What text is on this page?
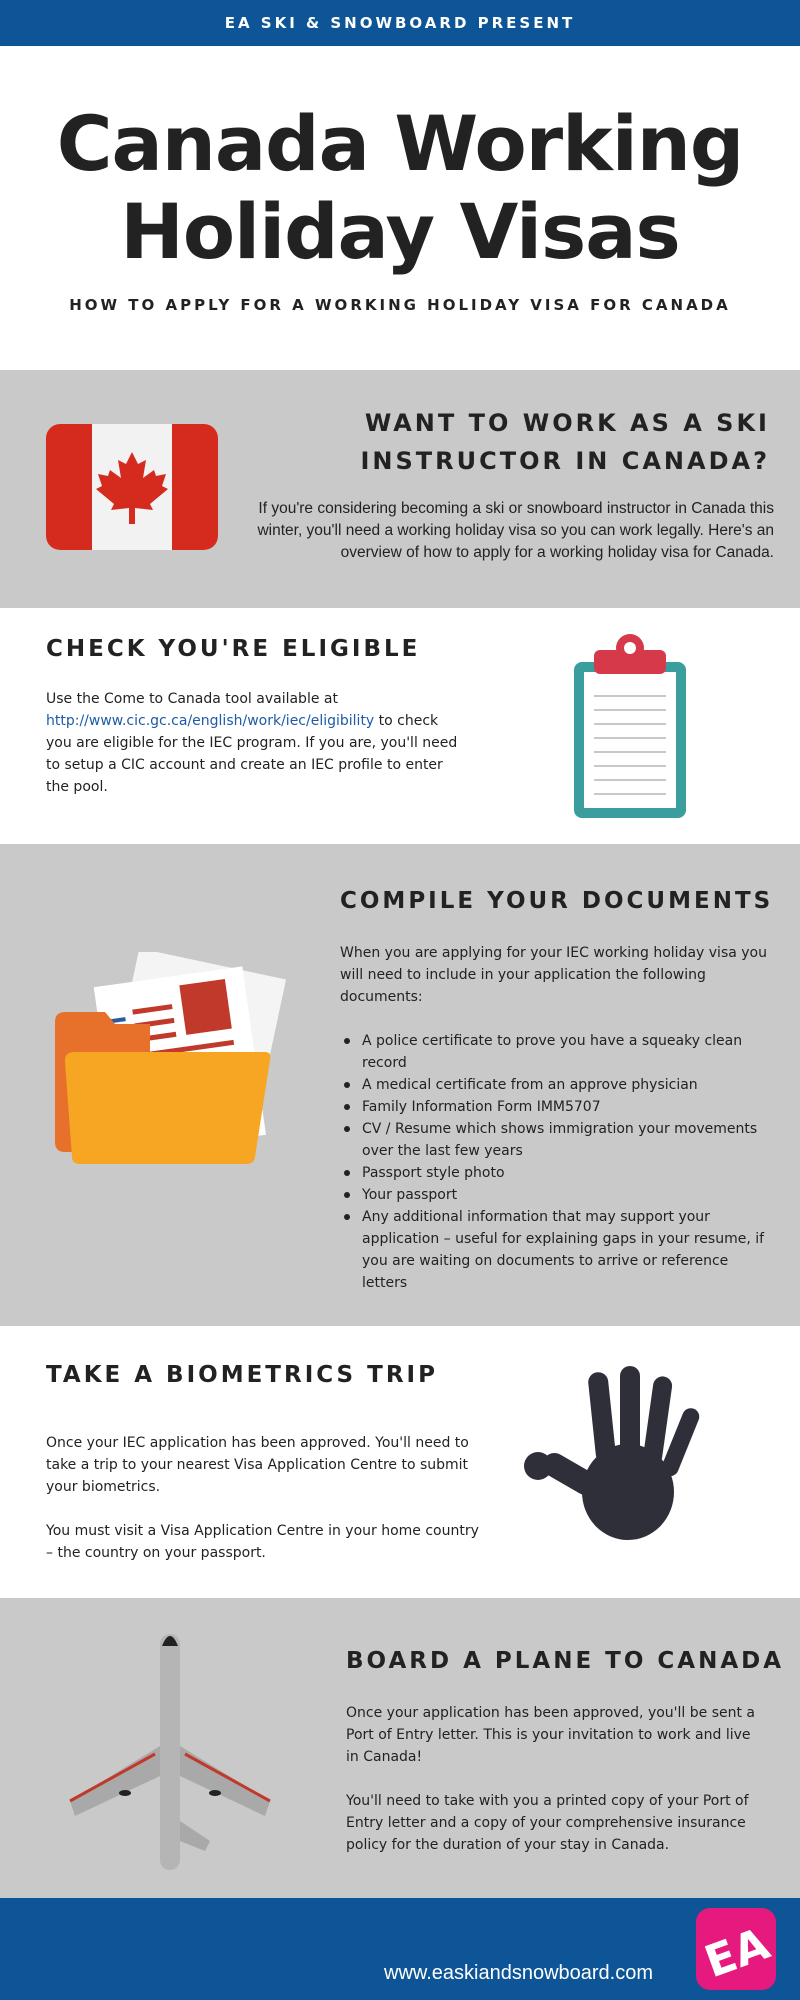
EA SKI & SNOWBOARD PRESENT
Canada Working
Holiday Visas
HOW TO APPLY FOR A WORKING HOLIDAY VISA FOR CANADA
WANT TO WORK AS A SKI
INSTRUCTOR IN CANADA?
If you're considering becoming a ski or snowboard instructor in Canada this winter, you'll need a working holiday visa so you can work legally. Here's an overview of how to apply for a working holiday visa for Canada.
CHECK YOU'RE ELIGIBLE
Use the Come to Canada tool available at http://www.cic.gc.ca/english/work/iec/eligibility to check you are eligible for the IEC program. If you are, you'll need to setup a CIC account and create an IEC profile to enter the pool.
COMPILE YOUR DOCUMENTS
When you are applying for your IEC working holiday visa you will need to include in your application the following documents:
A police certificate to prove you have a squeaky clean record
A medical certificate from an approve physician
Family Information Form IMM5707
CV / Resume which shows immigration your movements over the last few years
Passport style photo
Your passport
Any additional information that may support your application – useful for explaining gaps in your resume, if you are waiting on documents to arrive or reference letters
TAKE A BIOMETRICS TRIP
Once your IEC application has been approved. You'll need to take a trip to your nearest Visa Application Centre to submit your biometrics.
You must visit a Visa Application Centre in your home country – the country on your passport.
BOARD A PLANE TO CANADA
Once your application has been approved, you'll be sent a Port of Entry letter. This is your invitation to work and live in Canada!
You'll need to take with you a printed copy of your Port of Entry letter and a copy of your comprehensive insurance policy for the duration of your stay in Canada.
www.easkiandsnowboard.com EA
